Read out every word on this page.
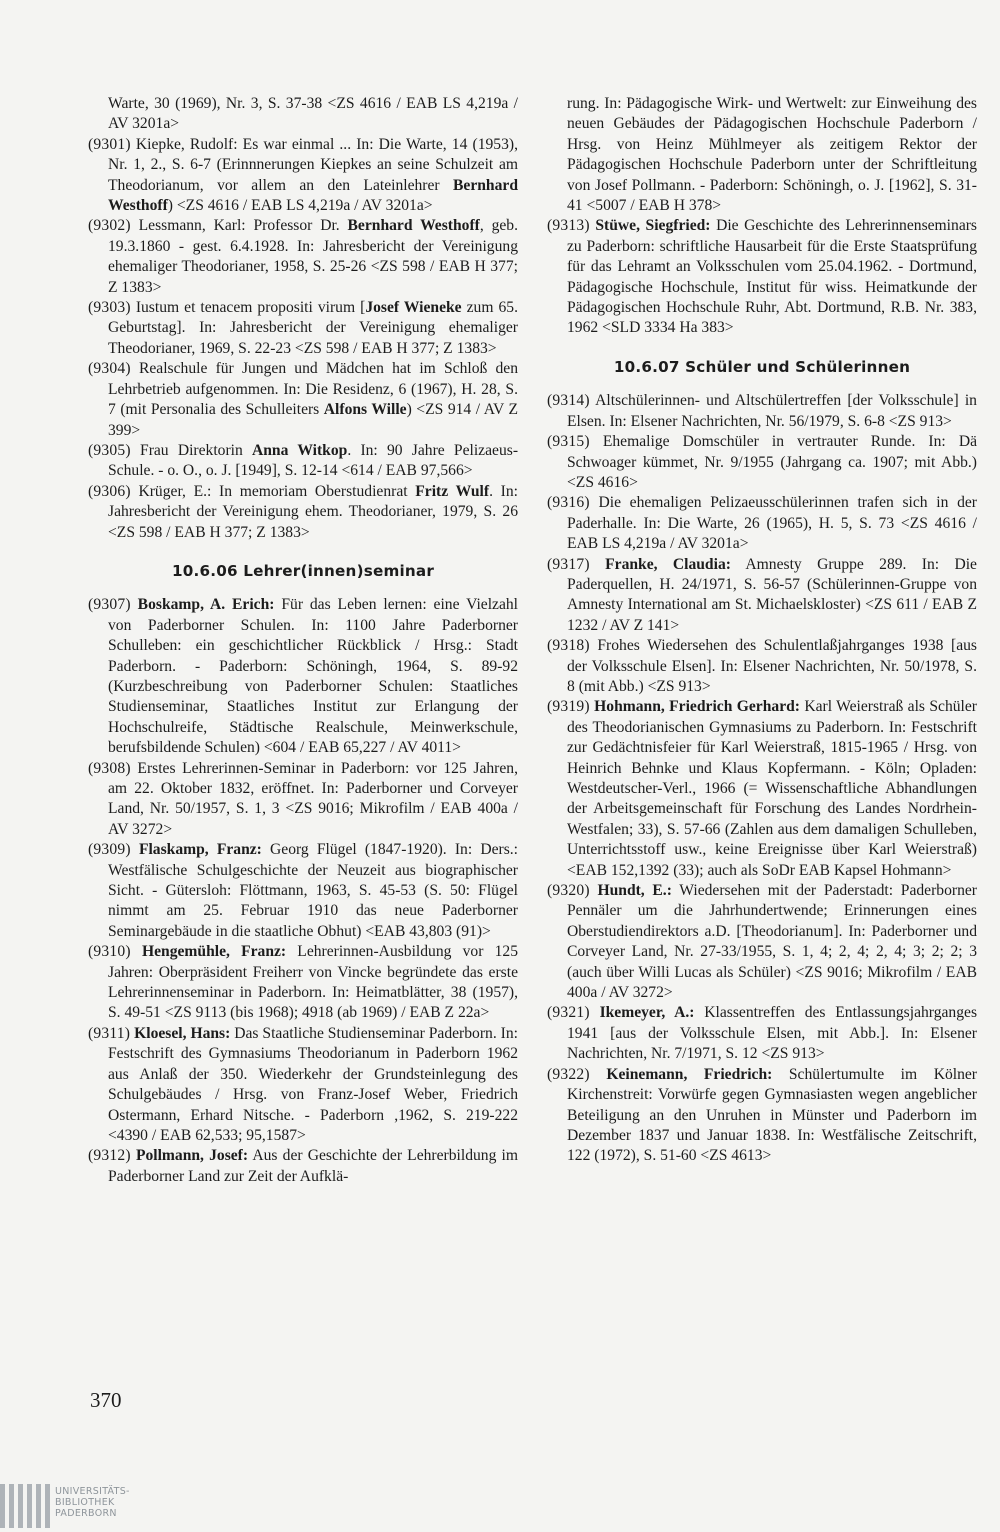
Warte, 30 (1969), Nr. 3, S. 37-38 <ZS 4616 / EAB LS 4,219a / AV 3201a>
(9301) Kiepke, Rudolf: Es war einmal ... In: Die Warte, 14 (1953), Nr. 1, 2., S. 6-7 (Erinnnerungen Kiepkes an seine Schulzeit am Theodorianum, vor allem an den Lateinlehrer Bernhard Westhoff) <ZS 4616 / EAB LS 4,219a / AV 3201a>
(9302) Lessmann, Karl: Professor Dr. Bernhard Westhoff, geb. 19.3.1860 - gest. 6.4.1928. In: Jahresbericht der Vereinigung ehemaliger Theodorianer, 1958, S. 25-26 <ZS 598 / EAB H 377; Z 1383>
(9303) Iustum et tenacem propositi virum [Josef Wieneke zum 65. Geburtstag]. In: Jahresbericht der Vereinigung ehemaliger Theodorianer, 1969, S. 22-23 <ZS 598 / EAB H 377; Z 1383>
(9304) Realschule für Jungen und Mädchen hat im Schloß den Lehrbetrieb aufgenommen. In: Die Residenz, 6 (1967), H. 28, S. 7 (mit Personalia des Schulleiters Alfons Wille) <ZS 914 / AV Z 399>
(9305) Frau Direktorin Anna Witkop. In: 90 Jahre Pelizaeus-Schule. - o. O., o. J. [1949], S. 12-14 <614 / EAB 97,566>
(9306) Krüger, E.: In memoriam Oberstudienrat Fritz Wulf. In: Jahresbericht der Vereinigung ehem. Theodorianer, 1979, S. 26 <ZS 598 / EAB H 377; Z 1383>
10.6.06 Lehrer(innen)seminar
(9307) Boskamp, A. Erich: Für das Leben lernen: eine Vielzahl von Paderborner Schulen. In: 1100 Jahre Paderborner Schulleben: ein geschichtlicher Rückblick / Hrsg.: Stadt Paderborn. - Paderborn: Schöningh, 1964, S. 89-92 (Kurzbeschreibung von Paderborner Schulen: Staatliches Studienseminar, Staatliches Institut zur Erlangung der Hochschulreife, Städtische Realschule, Meinwerkschule, berufsbildende Schulen) <604 / EAB 65,227 / AV 4011>
(9308) Erstes Lehrerinnen-Seminar in Paderborn: vor 125 Jahren, am 22. Oktober 1832, eröffnet. In: Paderborner und Corveyer Land, Nr. 50/1957, S. 1, 3 <ZS 9016; Mikrofilm / EAB 400a / AV 3272>
(9309) Flaskamp, Franz: Georg Flügel (1847-1920). In: Ders.: Westfälische Schulgeschichte der Neuzeit aus biographischer Sicht. - Gütersloh: Flöttmann, 1963, S. 45-53 (S. 50: Flügel nimmt am 25. Februar 1910 das neue Paderborner Seminargebäude in die staatliche Obhut) <EAB 43,803 (91)>
(9310) Hengemühle, Franz: Lehrerinnen-Ausbildung vor 125 Jahren: Oberpräsident Freiherr von Vincke begründete das erste Lehrerinnenseminar in Paderborn. In: Heimatblätter, 38 (1957), S. 49-51 <ZS 9113 (bis 1968); 4918 (ab 1969) / EAB Z 22a>
(9311) Kloesel, Hans: Das Staatliche Studienseminar Paderborn. In: Festschrift des Gymnasiums Theodorianum in Paderborn 1962 aus Anlaß der 350. Wiederkehr der Grundsteinlegung des Schulgebäudes / Hrsg. von Franz-Josef Weber, Friedrich Ostermann, Erhard Nitsche. - Paderborn ,1962, S. 219-222 <4390 / EAB 62,533; 95,1587>
(9312) Pollmann, Josef: Aus der Geschichte der Lehrerbildung im Paderborner Land zur Zeit der Aufklä-
rung. In: Pädagogische Wirk- und Wertwelt: zur Einweihung des neuen Gebäudes der Pädagogischen Hochschule Paderborn / Hrsg. von Heinz Mühlmeyer als zeitigem Rektor der Pädagogischen Hochschule Paderborn unter der Schriftleitung von Josef Pollmann. - Paderborn: Schöningh, o. J. [1962], S. 31-41 <5007 / EAB H 378>
(9313) Stüwe, Siegfried: Die Geschichte des Lehrerinnenseminars zu Paderborn: schriftliche Hausarbeit für die Erste Staatsprüfung für das Lehramt an Volksschulen vom 25.04.1962. - Dortmund, Pädagogische Hochschule, Institut für wiss. Heimatkunde der Pädagogischen Hochschule Ruhr, Abt. Dortmund, R.B. Nr. 383, 1962 <SLD 3334 Ha 383>
10.6.07 Schüler und Schülerinnen
(9314) Altschülerinnen- und Altschülertreffen [der Volksschule] in Elsen. In: Elsener Nachrichten, Nr. 56/1979, S. 6-8 <ZS 913>
(9315) Ehemalige Domschüler in vertrauter Runde. In: Dä Schwoager kümmet, Nr. 9/1955 (Jahrgang ca. 1907; mit Abb.) <ZS 4616>
(9316) Die ehemaligen Pelizaeusschülerinnen trafen sich in der Paderhalle. In: Die Warte, 26 (1965), H. 5, S. 73 <ZS 4616 / EAB LS 4,219a / AV 3201a>
(9317) Franke, Claudia: Amnesty Gruppe 289. In: Die Paderquellen, H. 24/1971, S. 56-57 (Schülerinnen-Gruppe von Amnesty International am St. Michaelskloster) <ZS 611 / EAB Z 1232 / AV Z 141>
(9318) Frohes Wiedersehen des Schulentlaßjahrganges 1938 [aus der Volksschule Elsen]. In: Elsener Nachrichten, Nr. 50/1978, S. 8 (mit Abb.) <ZS 913>
(9319) Hohmann, Friedrich Gerhard: Karl Weierstraß als Schüler des Theodorianischen Gymnasiums zu Paderborn. In: Festschrift zur Gedächtnisfeier für Karl Weierstraß, 1815-1965 / Hrsg. von Heinrich Behnke und Klaus Kopfermann. - Köln; Opladen: Westdeutscher-Verl., 1966 (= Wissenschaftliche Abhandlungen der Arbeitsgemeinschaft für Forschung des Landes Nordrhein-Westfalen; 33), S. 57-66 (Zahlen aus dem damaligen Schulleben, Unterrichtsstoff usw., keine Ereignisse über Karl Weierstraß) <EAB 152,1392 (33); auch als SoDr EAB Kapsel Hohmann>
(9320) Hundt, E.: Wiedersehen mit der Paderstadt: Paderborner Pennäler um die Jahrhundertwende; Erinnerungen eines Oberstudiendirektors a.D. [Theodorianum]. In: Paderborner und Corveyer Land, Nr. 27-33/1955, S. 1, 4; 2, 4; 2, 4; 3; 2; 2; 3 (auch über Willi Lucas als Schüler) <ZS 9016; Mikrofilm / EAB 400a / AV 3272>
(9321) Ikemeyer, A.: Klassentreffen des Entlassungsjahrganges 1941 [aus der Volksschule Elsen, mit Abb.]. In: Elsener Nachrichten, Nr. 7/1971, S. 12 <ZS 913>
(9322) Keinemann, Friedrich: Schülertumulte im Kölner Kirchenstreit: Vorwürfe gegen Gymnasiasten wegen angeblicher Beteiligung an den Unruhen in Münster und Paderborn im Dezember 1837 und Januar 1838. In: Westfälische Zeitschrift, 122 (1972), S. 51-60 <ZS 4613>
370
UNIVERSITÄTS-
BIBLIOTHEK
PADERBORN
